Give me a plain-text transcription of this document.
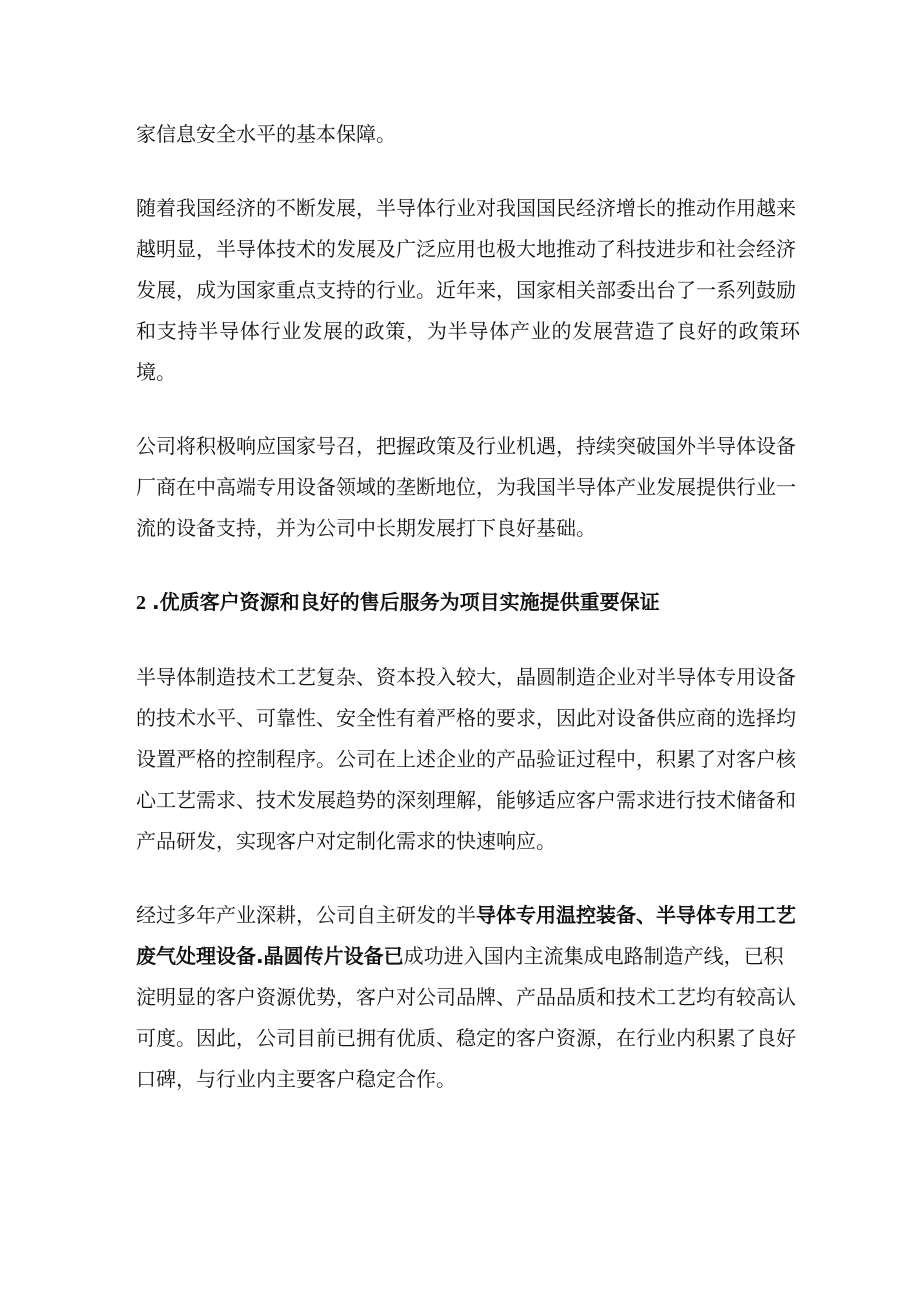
家信息安全水平的基本保障。

随着我国经济的不断发展，半导体行业对我国国民经济增长的推动作用越来
越明显，半导体技术的发展及广泛应用也极大地推动了科技进步和社会经济
发展，成为国家重点支持的行业。近年来，国家相关部委出台了一系列鼓励
和支持半导体行业发展的政策，为半导体产业的发展营造了良好的政策环境。

公司将积极响应国家号召，把握政策及行业机遇，持续突破国外半导体设备
厂商在中高端专用设备领域的垄断地位，为我国半导体产业发展提供行业一
流的设备支持，并为公司中长期发展打下良好基础。

2 .优质客户资源和良好的售后服务为项目实施提供重要保证

半导体制造技术工艺复杂、资本投入较大，晶圆制造企业对半导体专用设备
的技术水平、可靠性、安全性有着严格的要求，因此对设备供应商的选择均
设置严格的控制程序。公司在上述企业的产品验证过程中，积累了对客户核
心工艺需求、技术发展趋势的深刻理解，能够适应客户需求进行技术储备和
产品研发，实现客户对定制化需求的快速响应。

经过多年产业深耕，公司自主研发的半导体专用温控装备、半导体专用工艺
废气处理设备.晶圆传片设备已成功进入国内主流集成电路制造产线，已积
淀明显的客户资源优势，客户对公司品牌、产品品质和技术工艺均有较高认
可度。因此，公司目前已拥有优质、稳定的客户资源，在行业内积累了良好
口碑，与行业内主要客户稳定合作。
